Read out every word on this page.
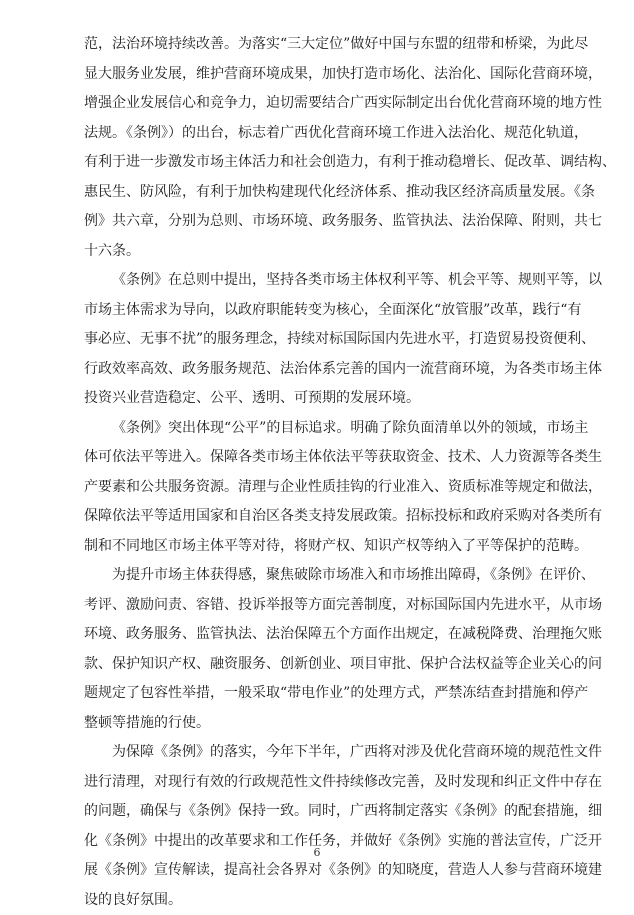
范，法治环境持续改善。为落实“三大定位”做好中国与东盟的纽带和桥梁，为此尽
显大服务业发展，维护营商环境成果，加快打造市场化、法治化、国际化营商环境，
增强企业发展信心和竞争力，迫切需要结合广西实际制定出台优化营商环境的地方性
法规。《条例》）的出台，标志着广西优化营商环境工作进入法治化、规范化轨道，
有利于进一步激发市场主体活力和社会创造力，有利于推动稳增长、促改革、调结构、
惠民生、防风险，有利于加快构建现代化经济体系、推动我区经济高质量发展。《条
例》共六章，分别为总则、市场环境、政务服务、监管执法、法治保障、附则，共七
十六条。

《条例》在总则中提出，坚持各类市场主体权利平等、机会平等、规则平等，以
市场主体需求为导向，以政府职能转变为核心，全面深化“放管服”改革，践行“有
事必应、无事不扰”的服务理念，持续对标国际国内先进水平，打造贸易投资便利、
行政效率高效、政务服务规范、法治体系完善的国内一流营商环境，为各类市场主体
投资兴业营造稳定、公平、透明、可预期的发展环境。

《条例》突出体现“公平”的目标追求。明确了除负面清单以外的领域，市场主
体可依法平等进入。保障各类市场主体依法平等获取资金、技术、人力资源等各类生
产要素和公共服务资源。清理与企业性质挂钩的行业准入、资质标准等规定和做法，
保障依法平等适用国家和自治区各类支持发展政策。招标投标和政府采购对各类所有
制和不同地区市场主体平等对待，将财产权、知识产权等纳入了平等保护的范畴。

为提升市场主体获得感，聚焦破除市场准入和市场推出障碍，《条例》在评价、
考评、激励问责、容错、投诉举报等方面完善制度，对标国际国内先进水平，从市场
环境、政务服务、监管执法、法治保障五个方面作出规定，在减税降费、治理拖欠账
款、保护知识产权、融资服务、创新创业、项目审批、保护合法权益等企业关心的问
题规定了包容性举措，一般采取“带电作业”的处理方式，严禁冻结查封措施和停产
整顿等措施的行使。

为保障《条例》的落实，今年下半年，广西将对涉及优化营商环境的规范性文件
进行清理，对现行有效的行政规范性文件持续修改完善，及时发现和纠正文件中存在
的问题，确保与《条例》保持一致。同时，广西将制定落实《条例》的配套措施，细
化《条例》中提出的改革要求和工作任务，并做好《条例》实施的普法宣传，广泛开
展《条例》宣传解读，提高社会各界对《条例》的知晓度，营造人人参与营商环境建
设的良好氛围。

6
